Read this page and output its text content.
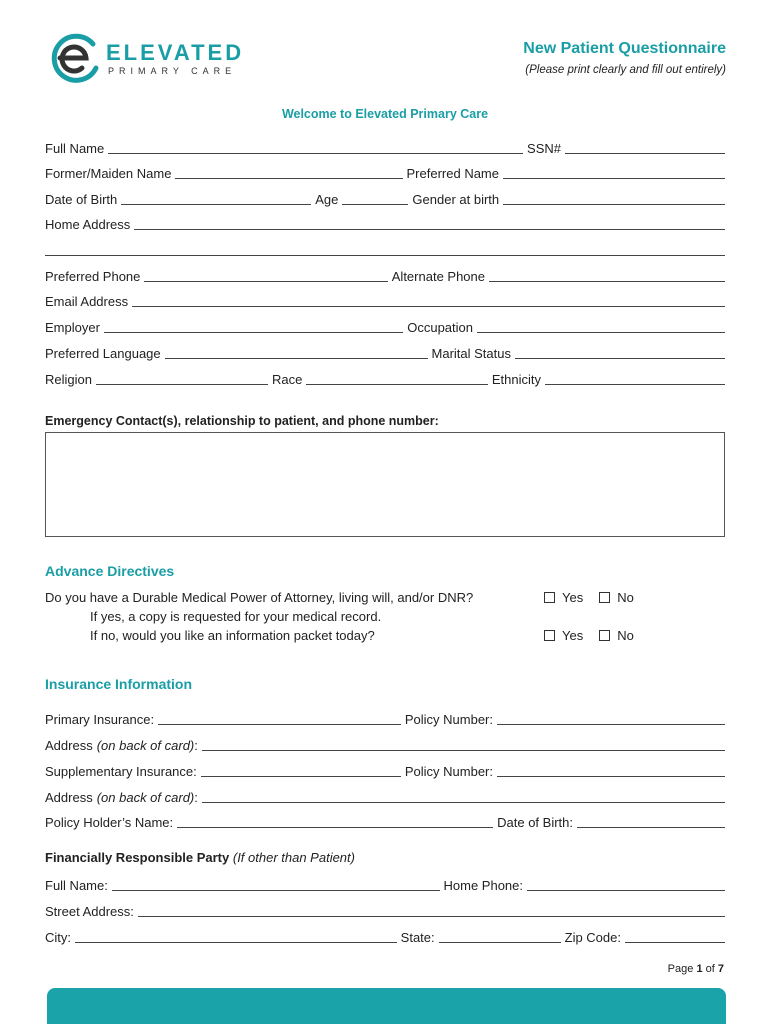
ELEVATED
PRIMARY CARE
New Patient Questionnaire
(Please print clearly and fill out entirely)
Welcome to Elevated Primary Care
Full Name	SSN#
Former/Maiden Name	Preferred Name
Date of Birth	Age	Gender at birth
Home Address
Preferred Phone	Alternate Phone
Email Address
Employer	Occupation
Preferred Language	Marital Status
Religion	Race	Ethnicity
Emergency Contact(s), relationship to patient, and phone number:
Advance Directives
Do you have a Durable Medical Power of Attorney, living will, and/or DNR?	Yes	No
If yes, a copy is requested for your medical record.
If no, would you like an information packet today?	Yes	No
Insurance Information
Primary Insurance:	Policy Number:
Address (on back of card) :
Supplementary Insurance:	Policy Number:
Address (on back of card) :
Policy Holder’s Name:	Date of Birth:
Financially Responsible Party (If other than Patient)
Full Name:	Home Phone:
Street Address:
City:	State:	Zip Code:
Page 1 of 7
